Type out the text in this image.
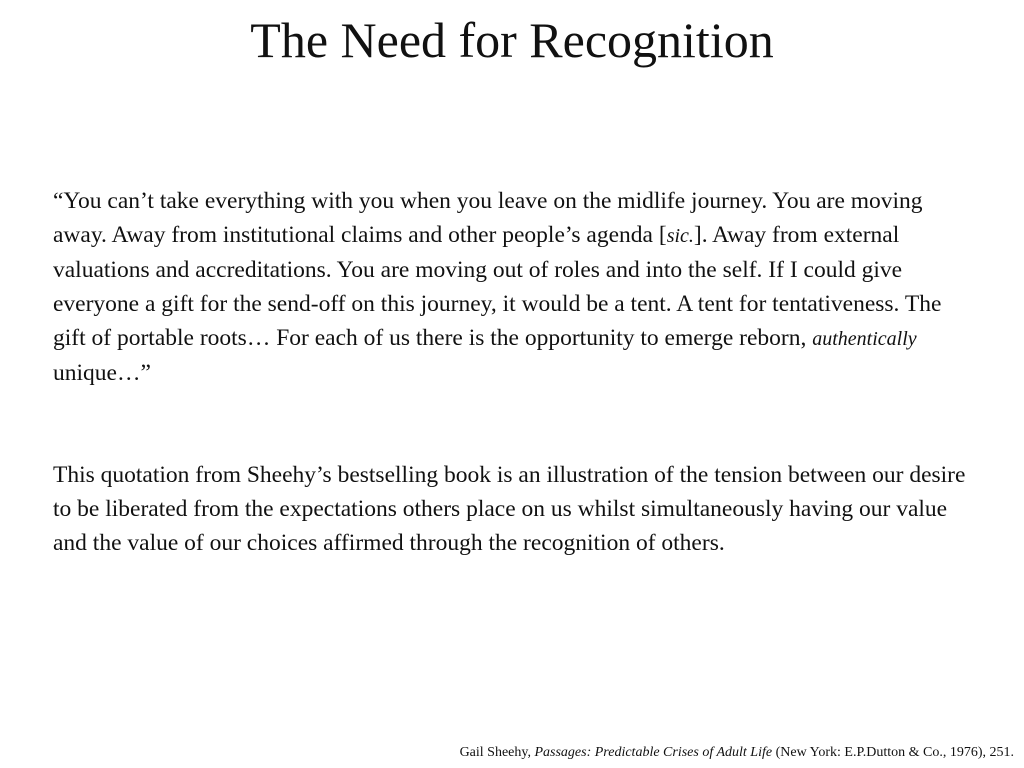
The Need for Recognition

“You can’t take everything with you when you leave on the midlife journey. You are moving away. Away from institutional claims and other people’s agenda [sic.]. Away from external valuations and accreditations. You are moving out of roles and into the self. If I could give everyone a gift for the send-off on this journey, it would be a tent. A tent for tentativeness. The gift of portable roots… For each of us there is the opportunity to emerge reborn, authentically unique…”

This quotation from Sheehy’s bestselling book is an illustration of the tension between our desire to be liberated from the expectations others place on us whilst simultaneously having our value and the value of our choices affirmed through the recognition of others.

Gail Sheehy, Passages: Predictable Crises of Adult Life (New York: E.P.Dutton & Co., 1976), 251.
